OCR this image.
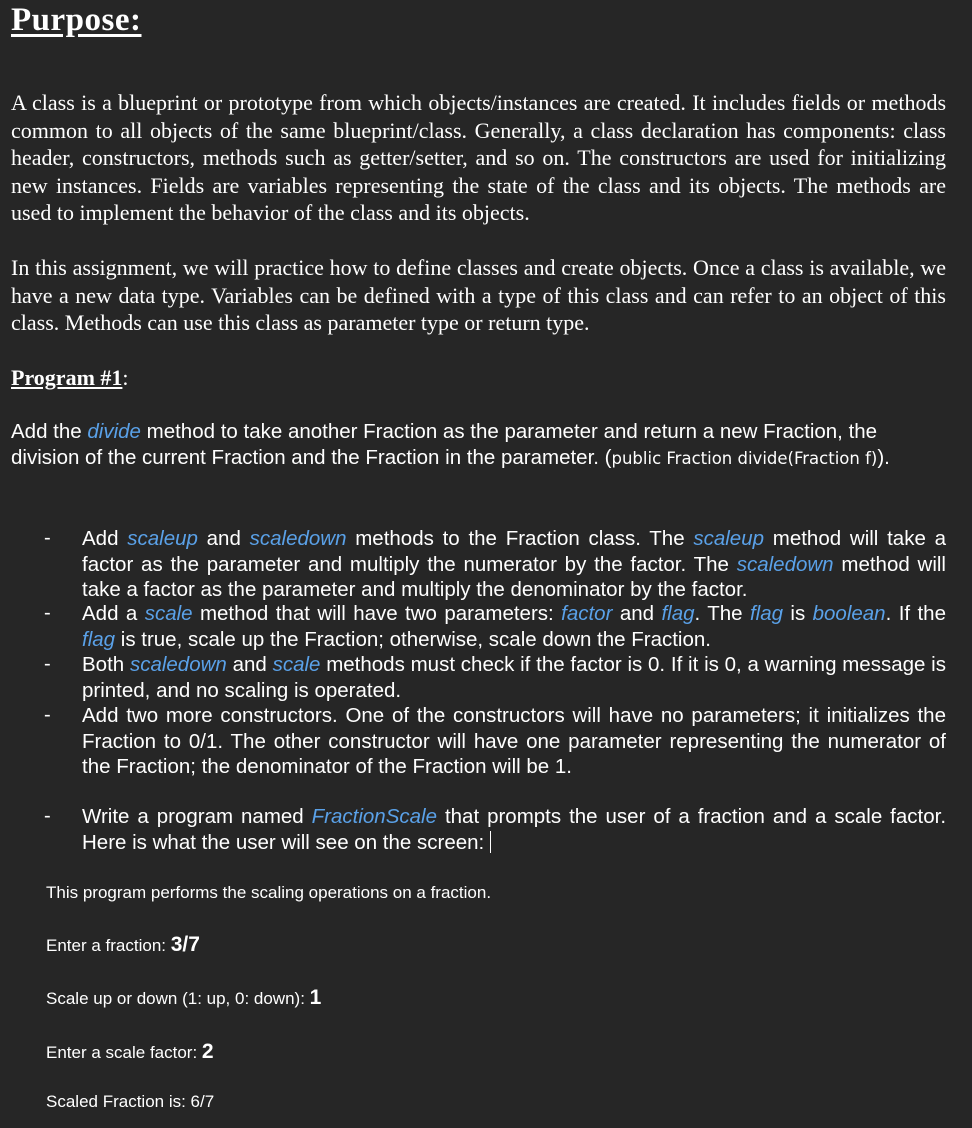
Purpose:
A class is a blueprint or prototype from which objects/instances are created. It includes fields or methods common to all objects of the same blueprint/class. Generally, a class declaration has components: class header, constructors, methods such as getter/setter, and so on. The constructors are used for initializing new instances. Fields are variables representing the state of the class and its objects. The methods are used to implement the behavior of the class and its objects.
In this assignment, we will practice how to define classes and create objects. Once a class is available, we have a new data type. Variables can be defined with a type of this class and can refer to an object of this class. Methods can use this class as parameter type or return type.
Program #1:
Add the divide method to take another Fraction as the parameter and return a new Fraction, the division of the current Fraction and the Fraction in the parameter. (public Fraction divide(Fraction f)).
- Add scaleup and scaledown methods to the Fraction class. The scaleup method will take a factor as the parameter and multiply the numerator by the factor. The scaledown method will take a factor as the parameter and multiply the denominator by the factor.
- Add a scale method that will have two parameters: factor and flag. The flag is boolean. If the flag is true, scale up the Fraction; otherwise, scale down the Fraction.
- Both scaledown and scale methods must check if the factor is 0. If it is 0, a warning message is printed, and no scaling is operated.
- Add two more constructors. One of the constructors will have no parameters; it initializes the Fraction to 0/1. The other constructor will have one parameter representing the numerator of the Fraction; the denominator of the Fraction will be 1.
- Write a program named FractionScale that prompts the user of a fraction and a scale factor. Here is what the user will see on the screen:
This program performs the scaling operations on a fraction.
Enter a fraction: 3/7
Scale up or down (1: up, 0: down): 1
Enter a scale factor: 2
Scaled Fraction is: 6/7
